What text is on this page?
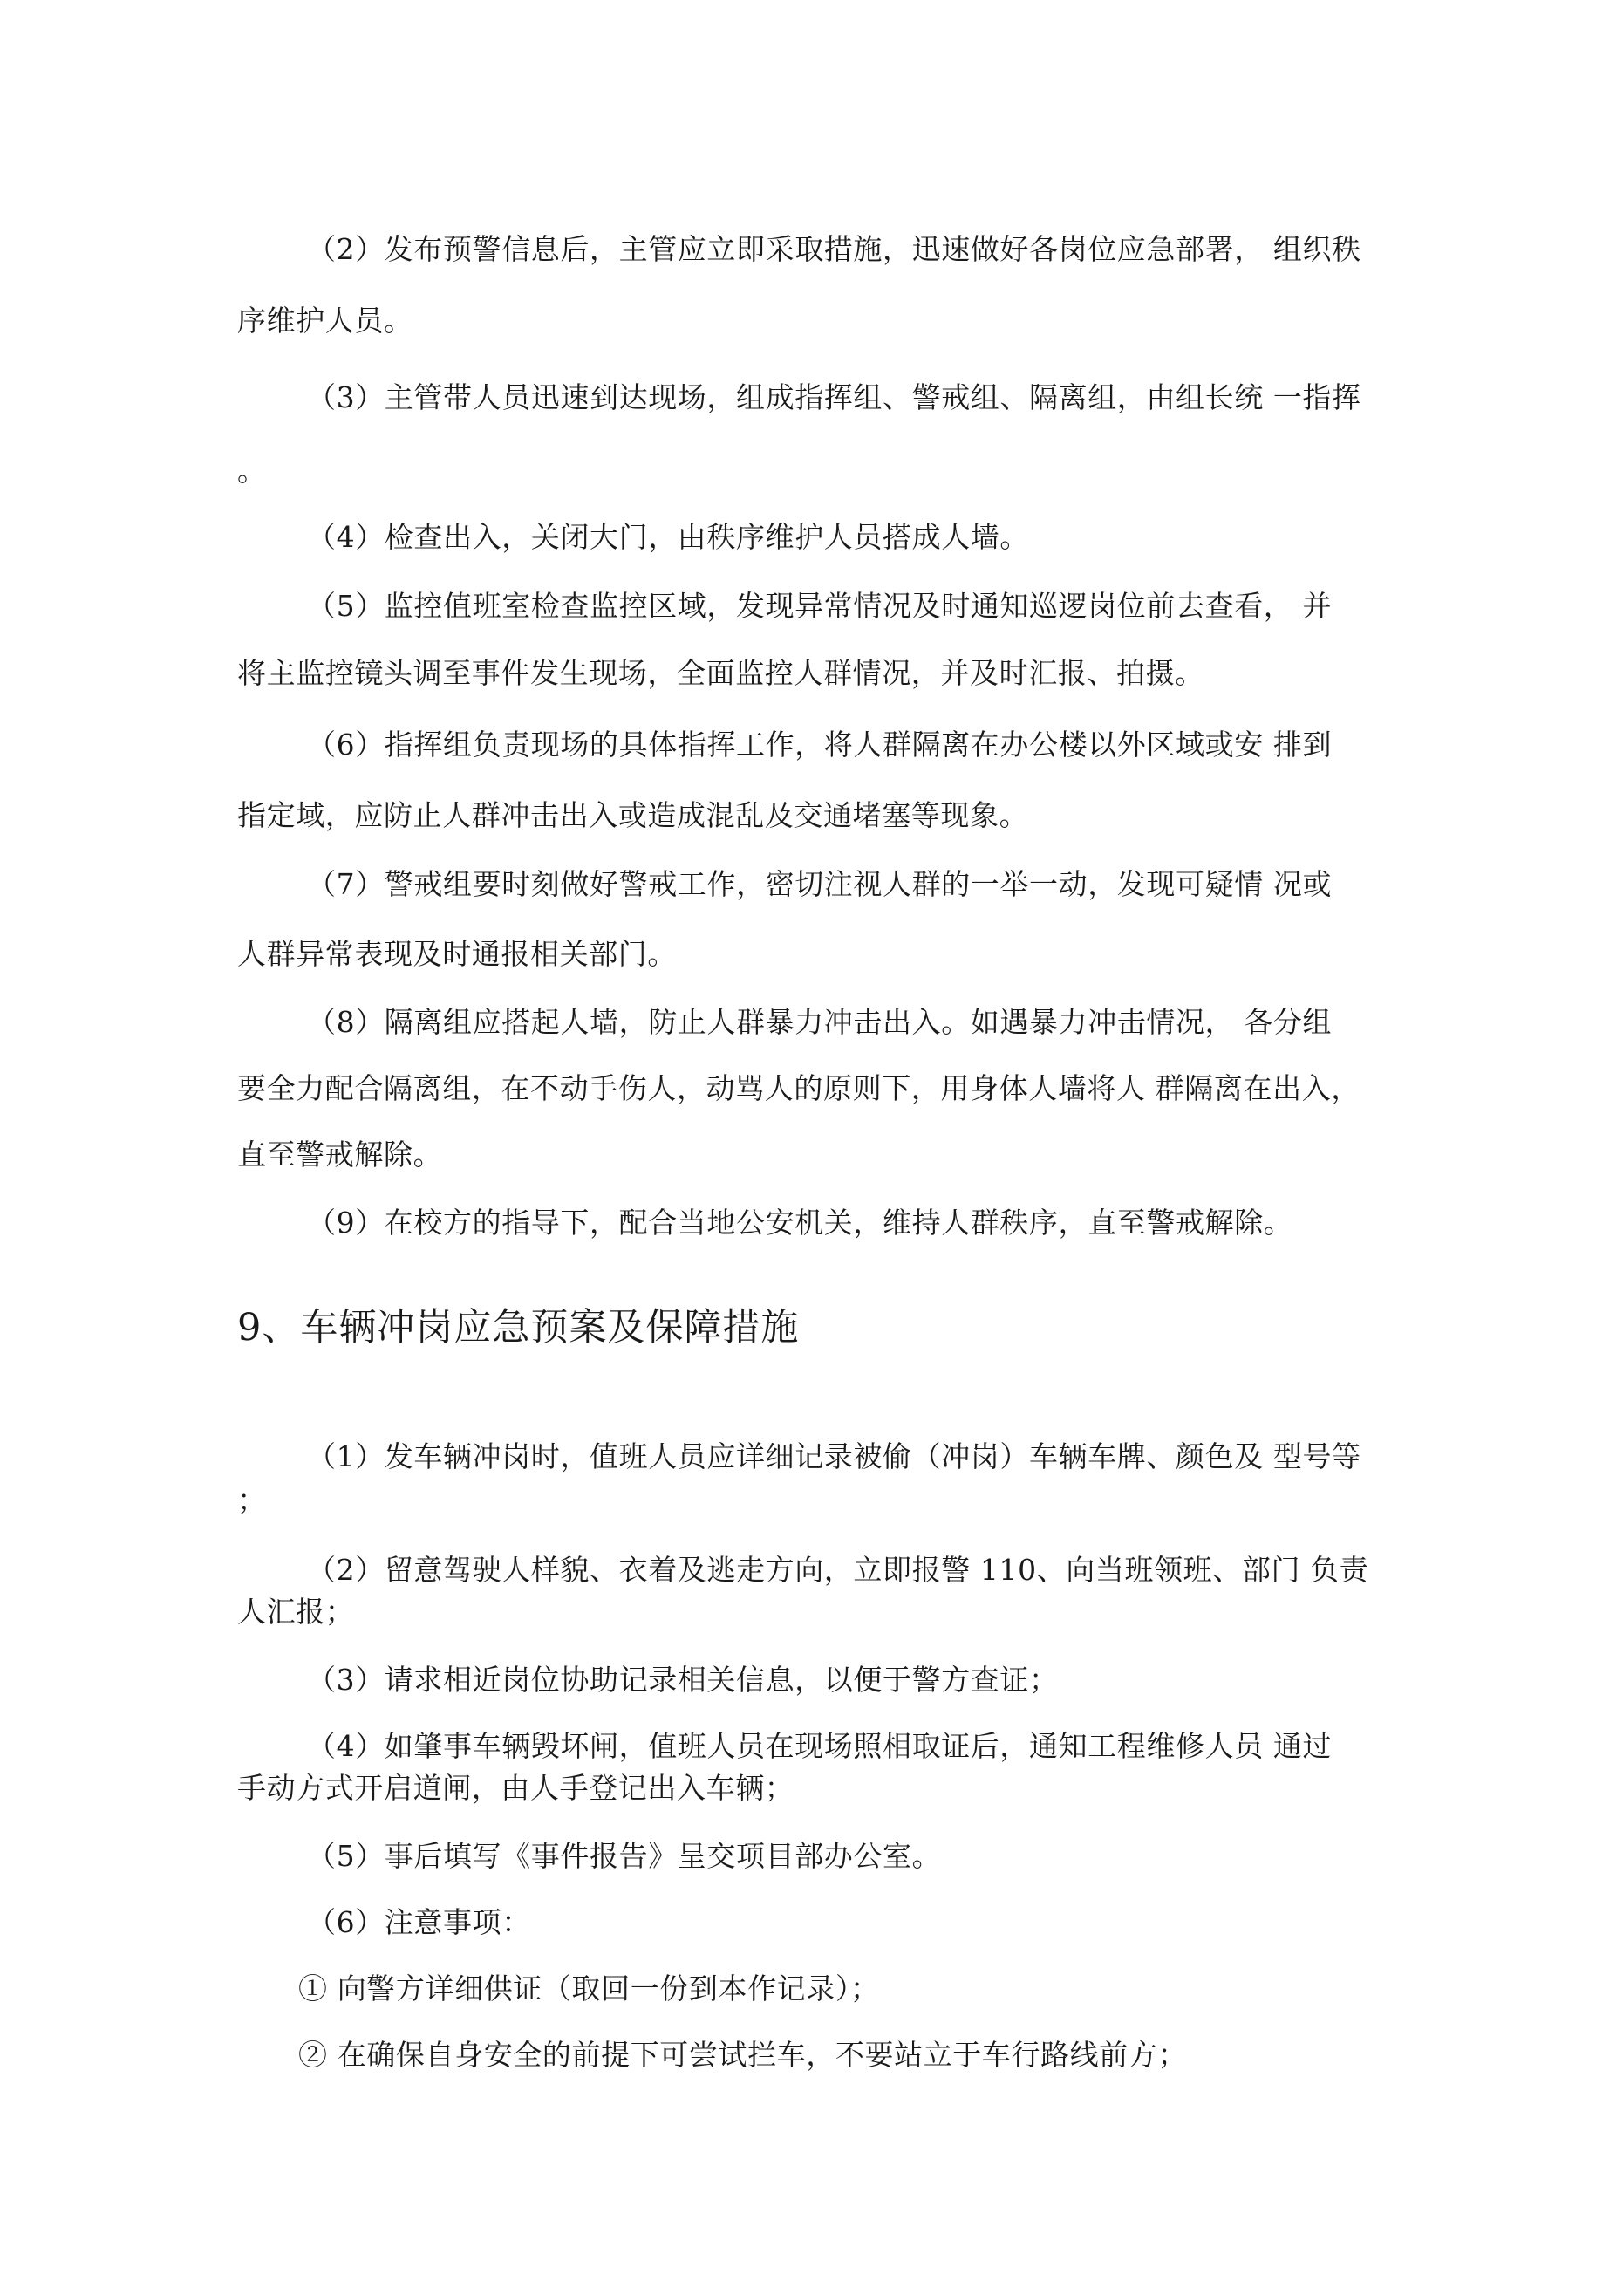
（2）发布预警信息后，主管应立即采取措施，迅速做好各岗位应急部署， 组织秩
序维护人员。
（3）主管带人员迅速到达现场，组成指挥组、警戒组、隔离组，由组长统 一指挥
。
（4）检查出入，关闭大门，由秩序维护人员搭成人墙。
（5）监控值班室检查监控区域，发现异常情况及时通知巡逻岗位前去查看， 并
将主监控镜头调至事件发生现场，全面监控人群情况，并及时汇报、拍摄。
（6）指挥组负责现场的具体指挥工作，将人群隔离在办公楼以外区域或安 排到
指定域，应防止人群冲击出入或造成混乱及交通堵塞等现象。
（7）警戒组要时刻做好警戒工作，密切注视人群的一举一动，发现可疑情 况或
人群异常表现及时通报相关部门。
（8）隔离组应搭起人墙，防止人群暴力冲击出入。如遇暴力冲击情况， 各分组
要全力配合隔离组，在不动手伤人，动骂人的原则下，用身体人墙将人 群隔离在出入，
直至警戒解除。
（9）在校方的指导下，配合当地公安机关，维持人群秩序，直至警戒解除。
9、车辆冲岗应急预案及保障措施
（1）发车辆冲岗时，值班人员应详细记录被偷（冲岗）车辆车牌、颜色及 型号等
；
（2）留意驾驶人样貌、衣着及逃走方向，立即报警 110、向当班领班、部门 负责
人汇报；
（3）请求相近岗位协助记录相关信息，以便于警方查证；
（4）如肇事车辆毁坏闸，值班人员在现场照相取证后，通知工程维修人员 通过
手动方式开启道闸，由人手登记出入车辆；
（5）事后填写《事件报告》呈交项目部办公室。
（6）注意事项：
① 向警方详细供证（取回一份到本作记录）；
② 在确保自身安全的前提下可尝试拦车，不要站立于车行路线前方；
